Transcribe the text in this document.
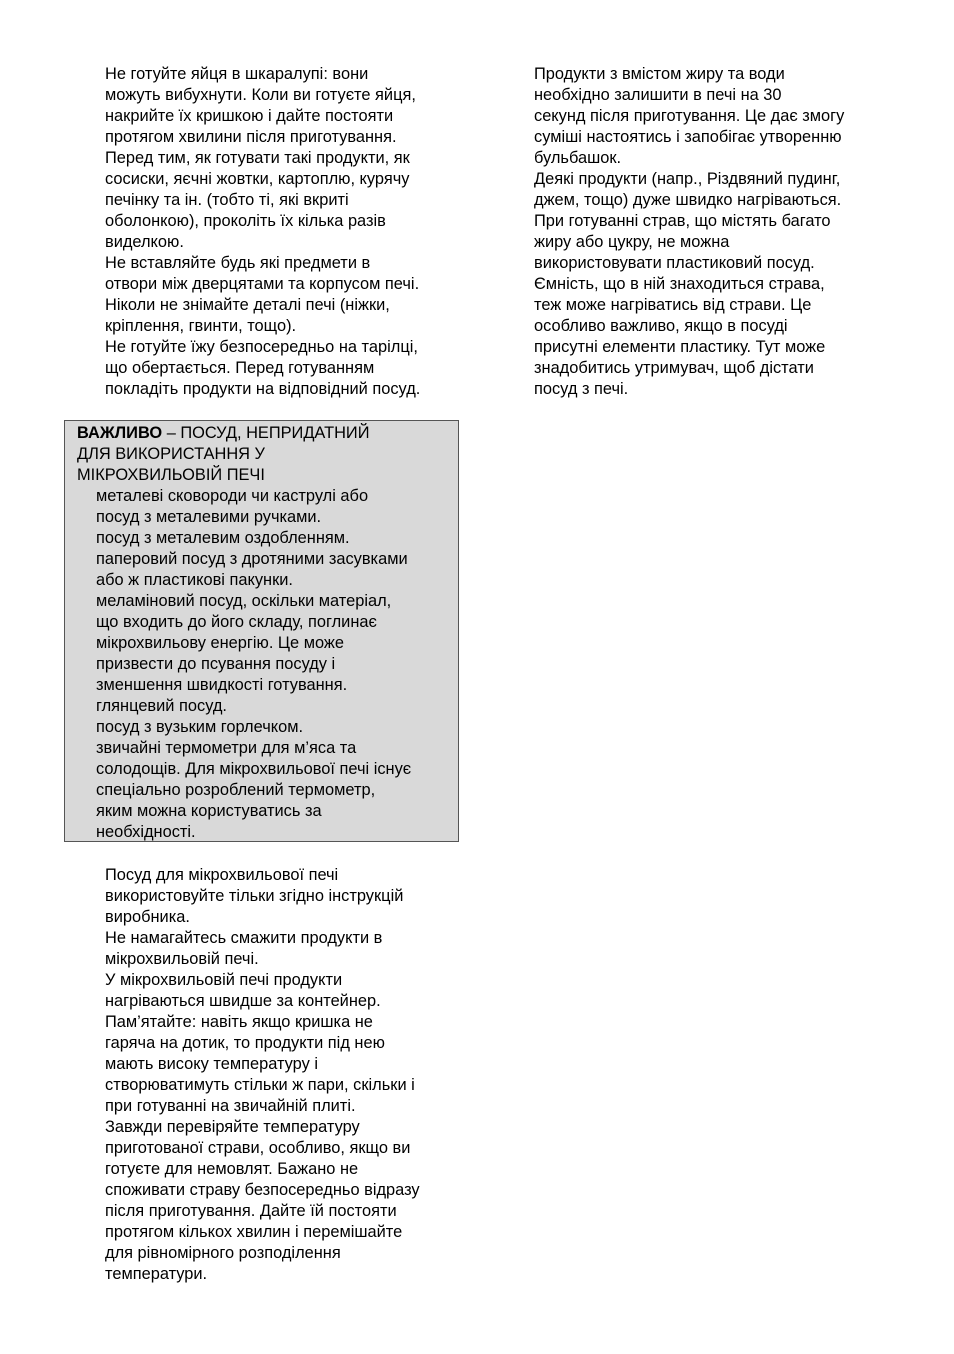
Не готуйте яйця в шкаралупі: вони
можуть вибухнути. Коли ви готуєте яйця,
накрийте їх кришкою і дайте постояти
протягом хвилини після приготування.

Перед тим, як готувати такі продукти, як
сосиски, яєчні жовтки, картоплю, курячу
печінку та ін. (тобто ті, які вкриті
оболонкою), проколіть їх кілька разів
виделкою.

Не вставляйте будь які предмети в
отвори між дверцятами та корпусом печі.

Ніколи не знімайте деталі печі (ніжки,
кріплення, гвинти, тощо).

Не готуйте їжу безпосередньо на тарілці,
що обертається. Перед готуванням
покладіть продукти на відповідний посуд.

ВАЖЛИВО – ПОСУД, НЕПРИДАТНИЙ
ДЛЯ ВИКОРИСТАННЯ У
МІКРОХВИЛЬОВІЙ ПЕЧІ

металеві сковороди чи каструлі або
посуд з металевими ручками.
посуд з металевим оздобленням.
паперовий посуд з дротяними засувками
або ж пластикові пакунки.
меламіновий посуд, оскільки матеріал,
що входить до його складу, поглинає
мікрохвильову енергію. Це може
призвести до псування посуду і
зменшення швидкості готування.
глянцевий посуд.
посуд з вузьким горлечком.
звичайні термометри для м’яса та
солодощів. Для мікрохвильової печі існує
спеціально розроблений термометр,
яким можна користуватись за
необхідності.

Посуд для мікрохвильової печі
використовуйте тільки згідно інструкцій
виробника.

Не намагайтесь смажити продукти в
мікрохвильовій печі.

У мікрохвильовій печі продукти
нагріваються швидше за контейнер.
Пам’ятайте: навіть якщо кришка не
гаряча на дотик, то продукти під нею
мають високу температуру і
створюватимуть стільки ж пари, скільки і
при готуванні на звичайній плиті.

Завжди перевіряйте температуру
приготованої страви, особливо, якщо ви
готуєте для немовлят. Бажано не
споживати страву безпосередньо відразу
після приготування. Дайте їй постояти
протягом кількох хвилин і перемішайте
для рівномірного розподілення
температури.

Продукти з вмістом жиру та води
необхідно залишити в печі на 30
секунд після приготування. Це дає змогу
суміші настоятись і запобігає утворенню
бульбашок.

Деякі продукти (напр., Різдвяний пудинг,
джем, тощо) дуже швидко нагріваються.

При готуванні страв, що містять багато
жиру або цукру, не можна
використовувати пластиковий посуд.
Ємність, що в ній знаходиться страва,
теж може нагріватись від страви. Це
особливо важливо, якщо в посуді
присутні елементи пластику. Тут може
знадобитись утримувач, щоб дістати
посуд з печі.
